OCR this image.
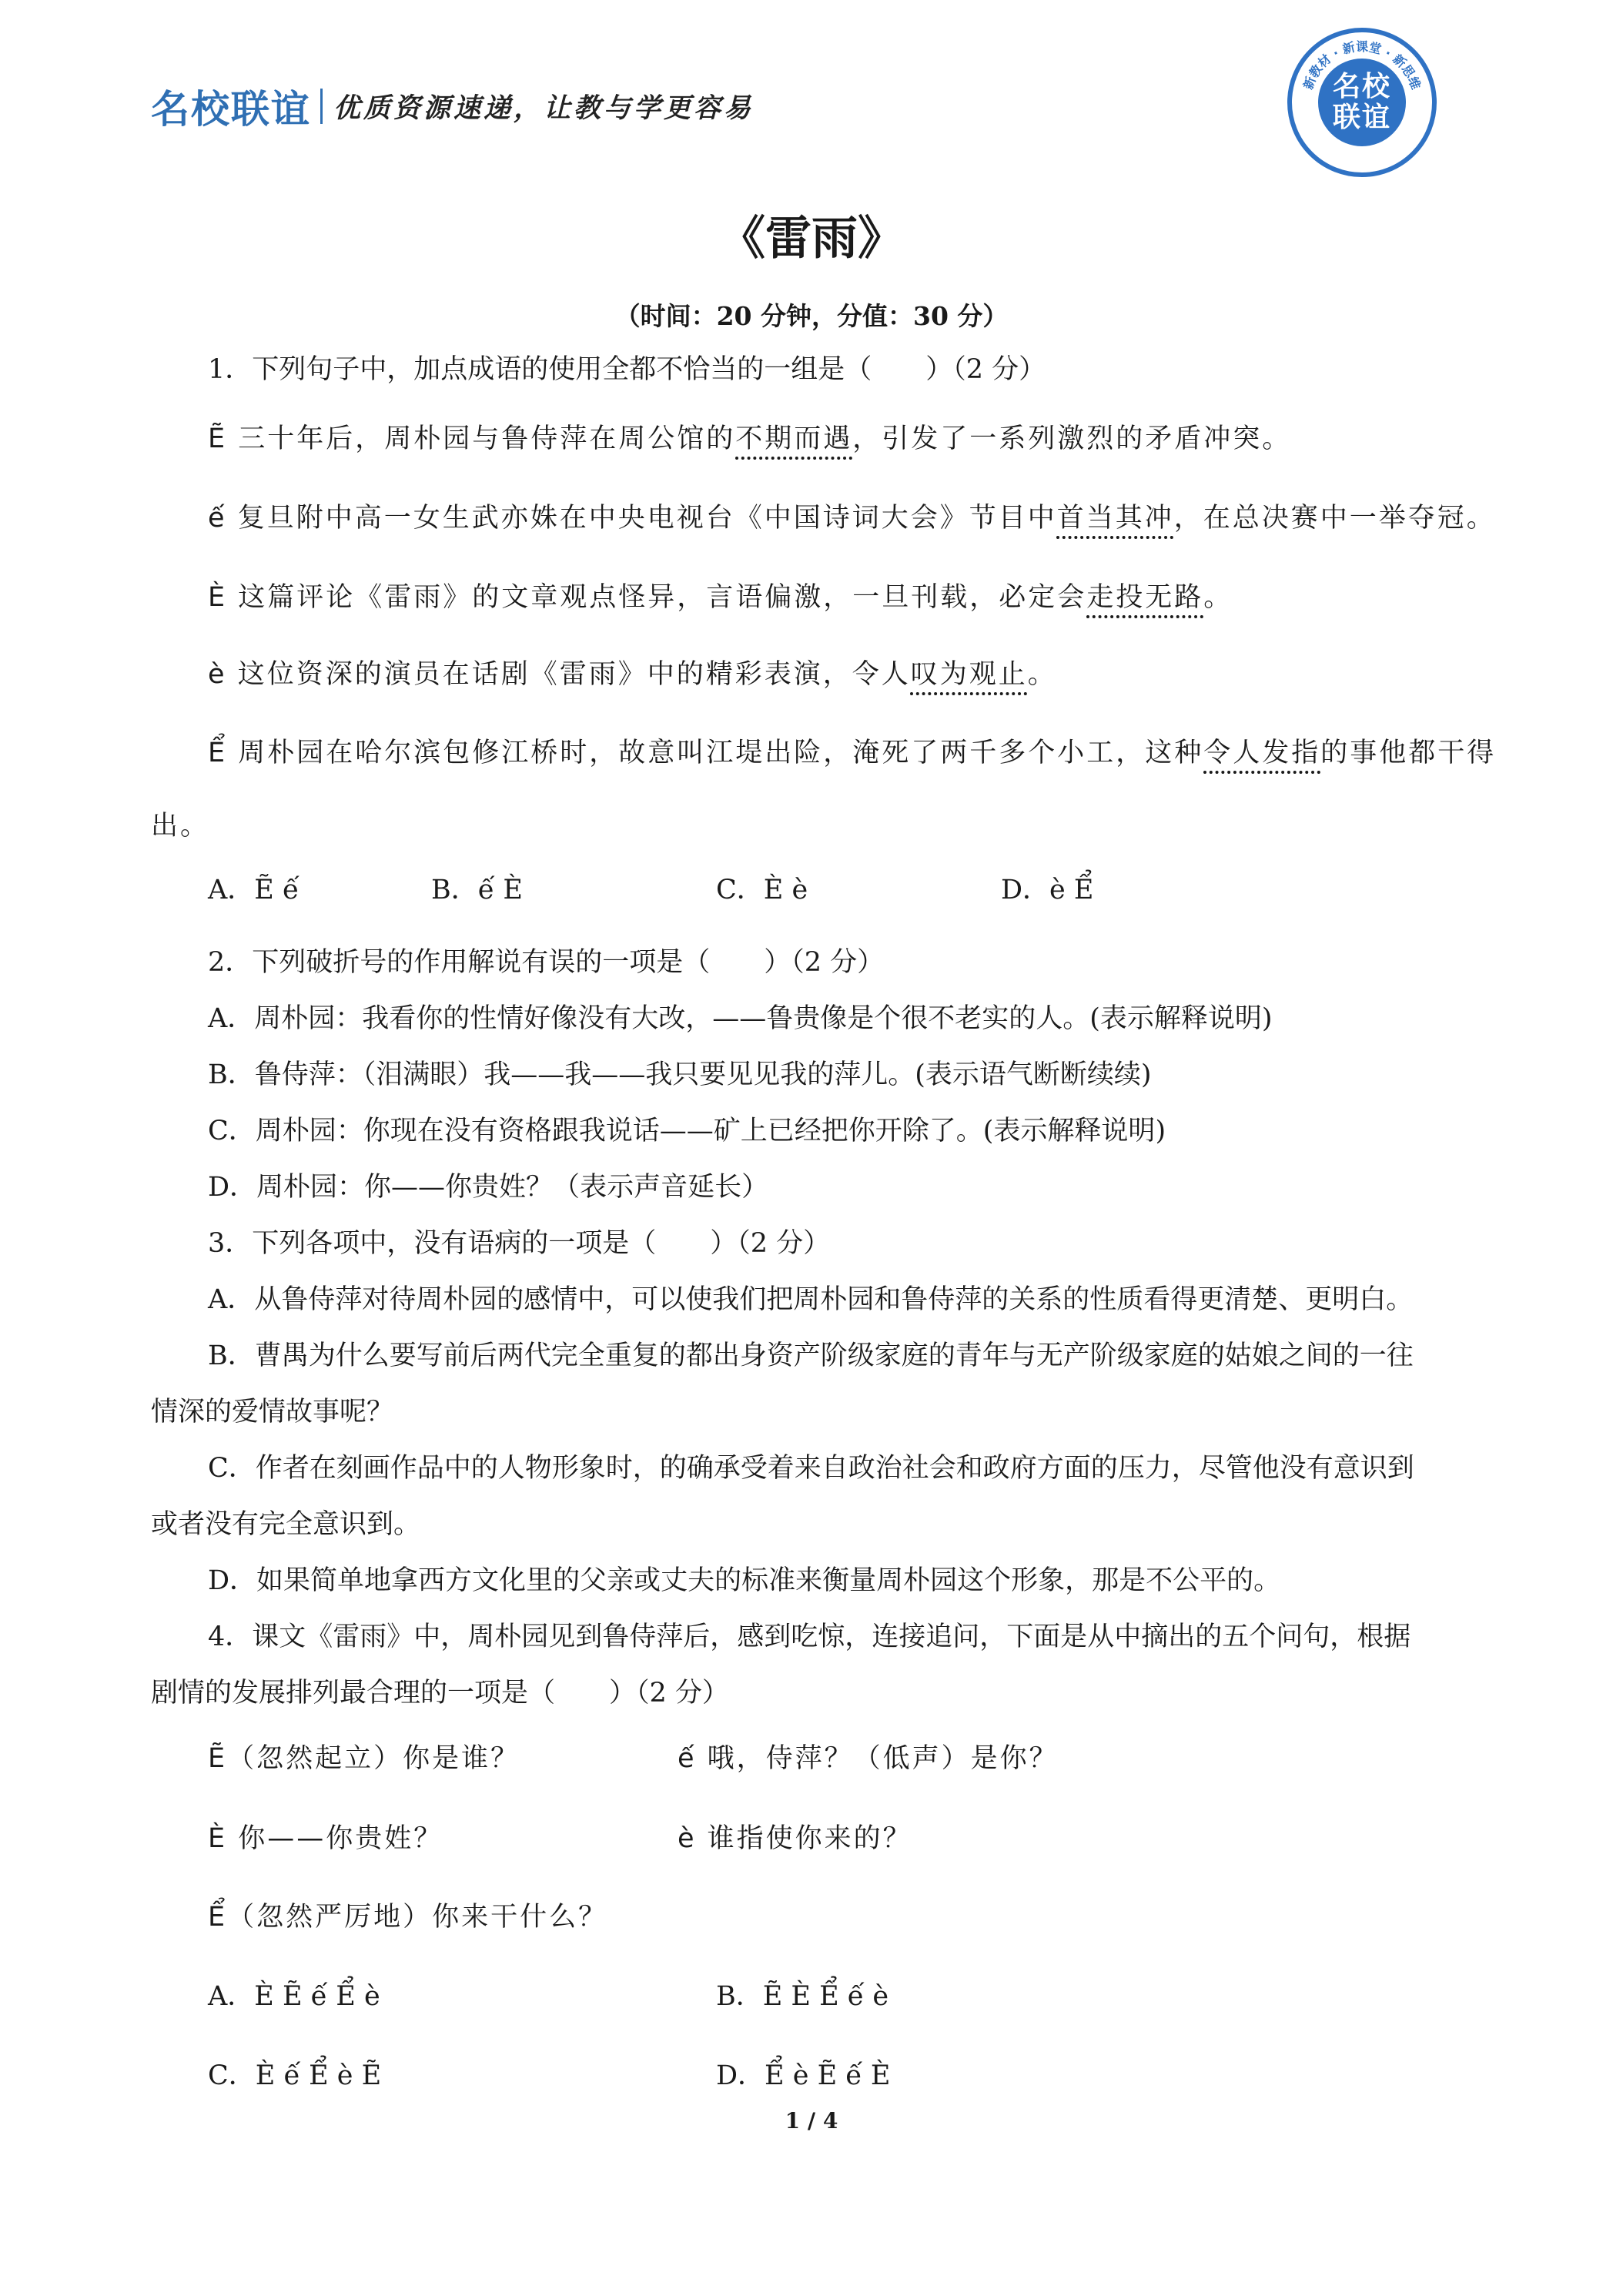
名校联谊 优质资源速递，让教与学更容易
新教材 · 新课堂 · 新思维
名校联谊
《雷雨》
（时间：20 分钟，分值：30 分）
1．下列句子中，加点成语的使用全都不恰当的一组是（　　）（2 分）
Ẽ 三十年后，周朴园与鲁侍萍在周公馆的不期而遇，引发了一系列激烈的矛盾冲突。
ế 复旦附中高一女生武亦姝在中央电视台《中国诗词大会》节目中首当其冲，在总决赛中一举夺冠。
È 这篇评论《雷雨》的文章观点怪异，言语偏激，一旦刊载，必定会走投无路。
è 这位资深的演员在话剧《雷雨》中的精彩表演，令人叹为观止。
Ể 周朴园在哈尔滨包修江桥时，故意叫江堤出险，淹死了两千多个小工，这种令人发指的事他都干得
出。
A．Ẽ ế	B．ế È	C．È è	D．è Ể
2．下列破折号的作用解说有误的一项是（　　）（2 分）
A．周朴园：我看你的性情好像没有大改，——鲁贵像是个很不老实的人。(表示解释说明)
B．鲁侍萍：（泪满眼）我——我——我只要见见我的萍儿。(表示语气断断续续)
C．周朴园：你现在没有资格跟我说话——矿上已经把你开除了。(表示解释说明)
D．周朴园：你——你贵姓？（表示声音延长）
3．下列各项中，没有语病的一项是（　　）（2 分）
A．从鲁侍萍对待周朴园的感情中，可以使我们把周朴园和鲁侍萍的关系的性质看得更清楚、更明白。
B．曹禺为什么要写前后两代完全重复的都出身资产阶级家庭的青年与无产阶级家庭的姑娘之间的一往
情深的爱情故事呢？
C．作者在刻画作品中的人物形象时，的确承受着来自政治社会和政府方面的压力，尽管他没有意识到
或者没有完全意识到。
D．如果简单地拿西方文化里的父亲或丈夫的标准来衡量周朴园这个形象，那是不公平的。
4．课文《雷雨》中，周朴园见到鲁侍萍后，感到吃惊，连接追问，下面是从中摘出的五个问句，根据
剧情的发展排列最合理的一项是（　　）（2 分）
Ẽ（忽然起立）你是谁？	ế 哦，侍萍？（低声）是你？
È 你——你贵姓？	è 谁指使你来的？
Ể（忽然严厉地）你来干什么？
A．È Ẽ ế Ể è	B．Ẽ È Ể ế è
C．È ế Ể è Ẽ	D．Ể è Ẽ ế È
1 / 4
